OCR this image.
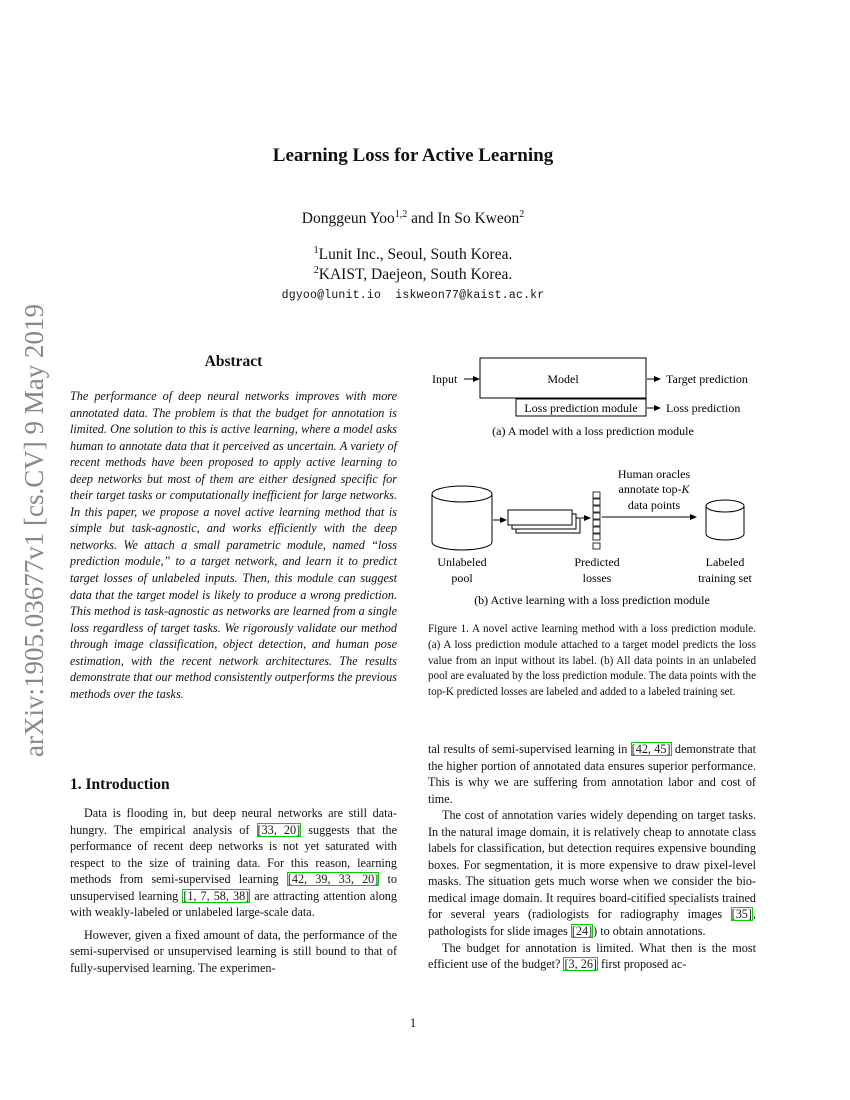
arXiv:1905.03677v1 [cs.CV] 9 May 2019
Learning Loss for Active Learning
Donggeun Yoo$^{1,2}$ and In So Kweon$^2$
$^1$Lunit Inc., Seoul, South Korea.
$^2$KAIST, Daejeon, South Korea.
dgyoo@lunit.io  iskweon77@kaist.ac.kr
Abstract
The performance of deep neural networks improves with more annotated data. The problem is that the budget for annotation is limited. One solution to this is active learning, where a model asks human to annotate data that it perceived as uncertain. A variety of recent methods have been proposed to apply active learning to deep networks but most of them are either designed specific for their target tasks or computationally inefficient for large networks. In this paper, we propose a novel active learning method that is simple but task-agnostic, and works efficiently with the deep networks. We attach a small parametric module, named “loss prediction module,” to a target network, and learn it to predict target losses of unlabeled inputs. Then, this module can suggest data that the target model is likely to produce a wrong prediction. This method is task-agnostic as networks are learned from a single loss regardless of target tasks. We rigorously validate our method through image classification, object detection, and human pose estimation, with the recent network architectures. The results demonstrate that our method consistently outperforms the previous methods over the tasks.
1. Introduction

Data is flooding in, but deep neural networks are still data-hungry. The empirical analysis of [33, 20] suggests that the performance of recent deep networks is not yet saturated with respect to the size of training data. For this reason, learning methods from semi-supervised learning [42, 39, 33, 20] to unsupervised learning [1, 7, 58, 38] are attracting attention along with weakly-labeled or unlabeled large-scale data.

However, given a fixed amount of data, the performance of the semi-supervised or unsupervised learning is still bound to that of fully-supervised learning. The experimen-

tal results of semi-supervised learning in [42, 45] demonstrate that the higher portion of annotated data ensures superior performance. This is why we are suffering from annotation labor and cost of time.

The cost of annotation varies widely depending on target tasks. In the natural image domain, it is relatively cheap to annotate class labels for classification, but detection requires expensive bounding boxes. For segmentation, it is more expensive to draw pixel-level masks. The situation gets much worse when we consider the bio-medical image domain. It requires board-citified specialists trained for several years (radiologists for radiography images [35], pathologists for slide images [24]) to obtain annotations.

The budget for annotation is limited. What then is the most efficient use of the budget? [3, 26] first proposed ac-

Input	Model	Target prediction
Loss prediction module Loss prediction
(a) A model with a loss prediction module
Human oracles
annotate top-K
data points
Unlabeled
pool
Predicted
losses
Labeled
training set
(b) Active learning with a loss prediction module
Figure 1. A novel active learning method with a loss prediction module. (a) A loss prediction module attached to a target model predicts the loss value from an input without its label. (b) All data points in an unlabeled pool are evaluated by the loss prediction module. The data points with the top-K predicted losses are labeled and added to a labeled training set.
1
